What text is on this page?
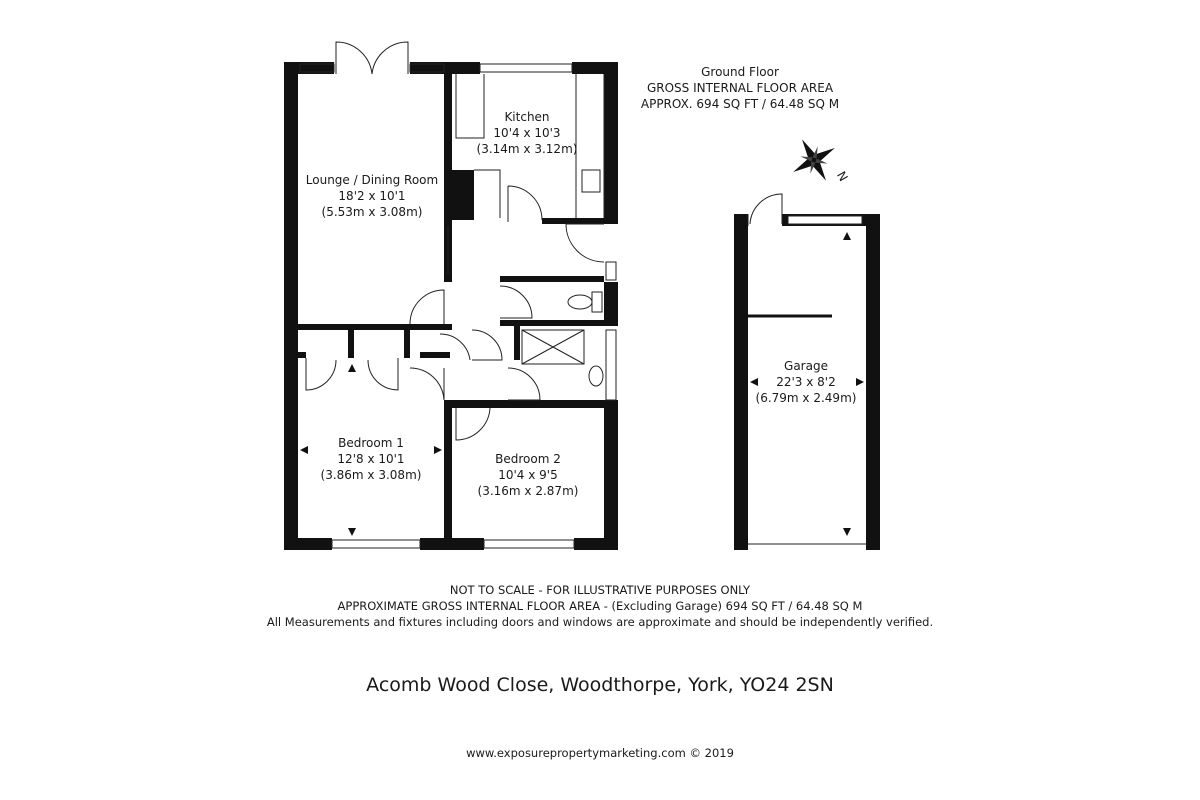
N
Lounge / Dining Room
18'2 x 10'1
(5.53m x 3.08m)
Kitchen
10'4 x 10'3
(3.14m x 3.12m)
Bedroom 1
12'8 x 10'1
(3.86m x 3.08m)
Bedroom 2
10'4 x 9'5
(3.16m x 2.87m)
Garage
22'3 x 8'2
(6.79m x 2.49m)
Ground Floor
GROSS INTERNAL FLOOR AREA
APPROX. 694 SQ FT / 64.48 SQ M
NOT TO SCALE - FOR ILLUSTRATIVE PURPOSES ONLY
APPROXIMATE GROSS INTERNAL FLOOR AREA - (Excluding Garage) 694 SQ FT / 64.48 SQ M
All Measurements and fixtures including doors and windows are approximate and should be independently verified.
Acomb Wood Close, Woodthorpe, York, YO24 2SN
www.exposurepropertymarketing.com © 2019
